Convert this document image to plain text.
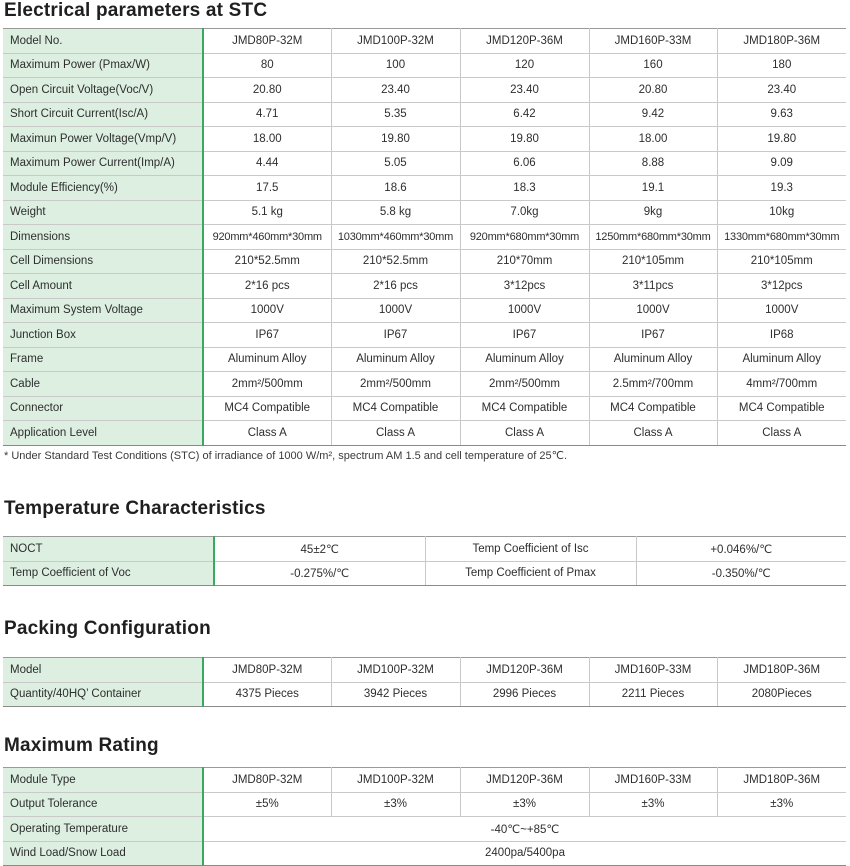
Electrical parameters at STC
Model No.	JMD80P-32M	JMD100P-32M	JMD120P-36M	JMD160P-33M	JMD180P-36M
Maximum Power (Pmax/W)	80	100	120	160	180
Open Circuit Voltage(Voc/V)	20.80	23.40	23.40	20.80	23.40
Short Circuit Current(Isc/A)	4.71	5.35	6.42	9.42	9.63
Maximun Power Voltage(Vmp/V)	18.00	19.80	19.80	18.00	19.80
Maximum Power Current(Imp/A)	4.44	5.05	6.06	8.88	9.09
Module Efficiency(%)	17.5	18.6	18.3	19.1	19.3
Weight	5.1 kg	5.8 kg	7.0kg	9kg	10kg
Dimensions	920mm*460mm*30mm	1030mm*460mm*30mm	920mm*680mm*30mm	1250mm*680mm*30mm	1330mm*680mm*30mm
Cell Dimensions	210*52.5mm	210*52.5mm	210*70mm	210*105mm	210*105mm
Cell Amount	2*16 pcs	2*16 pcs	3*12pcs	3*11pcs	3*12pcs
Maximum System Voltage	1000V	1000V	1000V	1000V	1000V
Junction Box	IP67	IP67	IP67	IP67	IP68
Frame	Aluminum Alloy	Aluminum Alloy	Aluminum Alloy	Aluminum Alloy	Aluminum Alloy
Cable	2mm²/500mm	2mm²/500mm	2mm²/500mm	2.5mm²/700mm	4mm²/700mm
Connector	MC4 Compatible	MC4 Compatible	MC4 Compatible	MC4 Compatible	MC4 Compatible
Application Level	Class A	Class A	Class A	Class A	Class A
* Under Standard Test Conditions (STC) of irradiance of 1000 W/m², spectrum AM 1.5 and cell temperature of 25℃.
Temperature Characteristics
NOCT	45±2℃	Temp Coefficient of Isc	+0.046%/℃
Temp Coefficient of Voc	-0.275%/℃	Temp Coefficient of Pmax	-0.350%/℃
Packing Configuration
Model	JMD80P-32M	JMD100P-32M	JMD120P-36M	JMD160P-33M	JMD180P-36M
Quantity/40HQ’ Container	4375 Pieces	3942 Pieces	2996 Pieces	2211 Pieces	2080Pieces
Maximum Rating
Module Type	JMD80P-32M	JMD100P-32M	JMD120P-36M	JMD160P-33M	JMD180P-36M
Output Tolerance	±5%	±3%	±3%	±3%	±3%
Operating Temperature	-40℃~+85℃				
Wind Load/Snow Load	2400pa/5400pa				
